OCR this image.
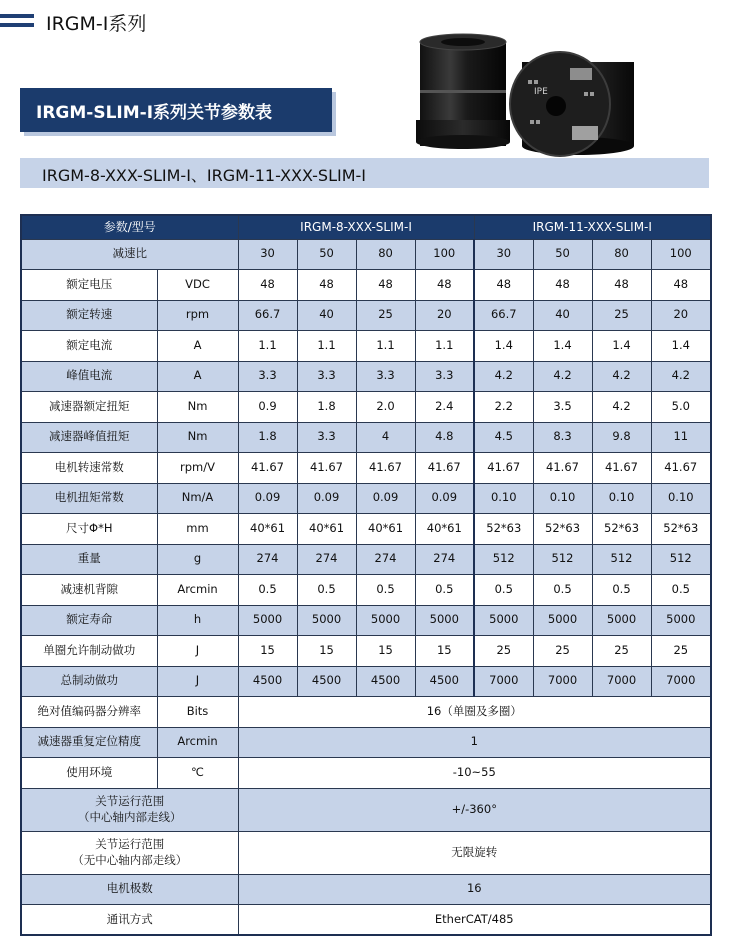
IRGM-I系列
IPE
IRGM-SLIM-I系列关节参数表
IRGM-8-XXX-SLIM-I、IRGM-11-XXX-SLIM-I
参数/型号		IRGM-8-XXX-SLIM-I				IRGM-11-XXX-SLIM-I			
减速比		30	50	80	100	30	50	80	100
额定电压	VDC	48	48	48	48	48	48	48	48
额定转速	rpm	66.7	40	25	20	66.7	40	25	20
额定电流	A	1.1	1.1	1.1	1.1	1.4	1.4	1.4	1.4
峰值电流	A	3.3	3.3	3.3	3.3	4.2	4.2	4.2	4.2
减速器额定扭矩	Nm	0.9	1.8	2.0	2.4	2.2	3.5	4.2	5.0
减速器峰值扭矩	Nm	1.8	3.3	4	4.8	4.5	8.3	9.8	11
电机转速常数	rpm/V	41.67	41.67	41.67	41.67	41.67	41.67	41.67	41.67
电机扭矩常数	Nm/A	0.09	0.09	0.09	0.09	0.10	0.10	0.10	0.10
尺寸Φ*H	mm	40*61	40*61	40*61	40*61	52*63	52*63	52*63	52*63
重量	g	274	274	274	274	512	512	512	512
减速机背隙	Arcmin	0.5	0.5	0.5	0.5	0.5	0.5	0.5	0.5
额定寿命	h	5000	5000	5000	5000	5000	5000	5000	5000
单圈允许制动做功	J	15	15	15	15	25	25	25	25
总制动做功	J	4500	4500	4500	4500	7000	7000	7000	7000
绝对值编码器分辨率	Bits	16（单圈及多圈）							
减速器重复定位精度	Arcmin	1							
使用环境	℃	-10~55							

关节运行范围
（中心轴内部走线）		+/-360°							

关节运行范围
（无中心轴内部走线）		无限旋转							
电机极数		16							
通讯方式		EtherCAT/485							
